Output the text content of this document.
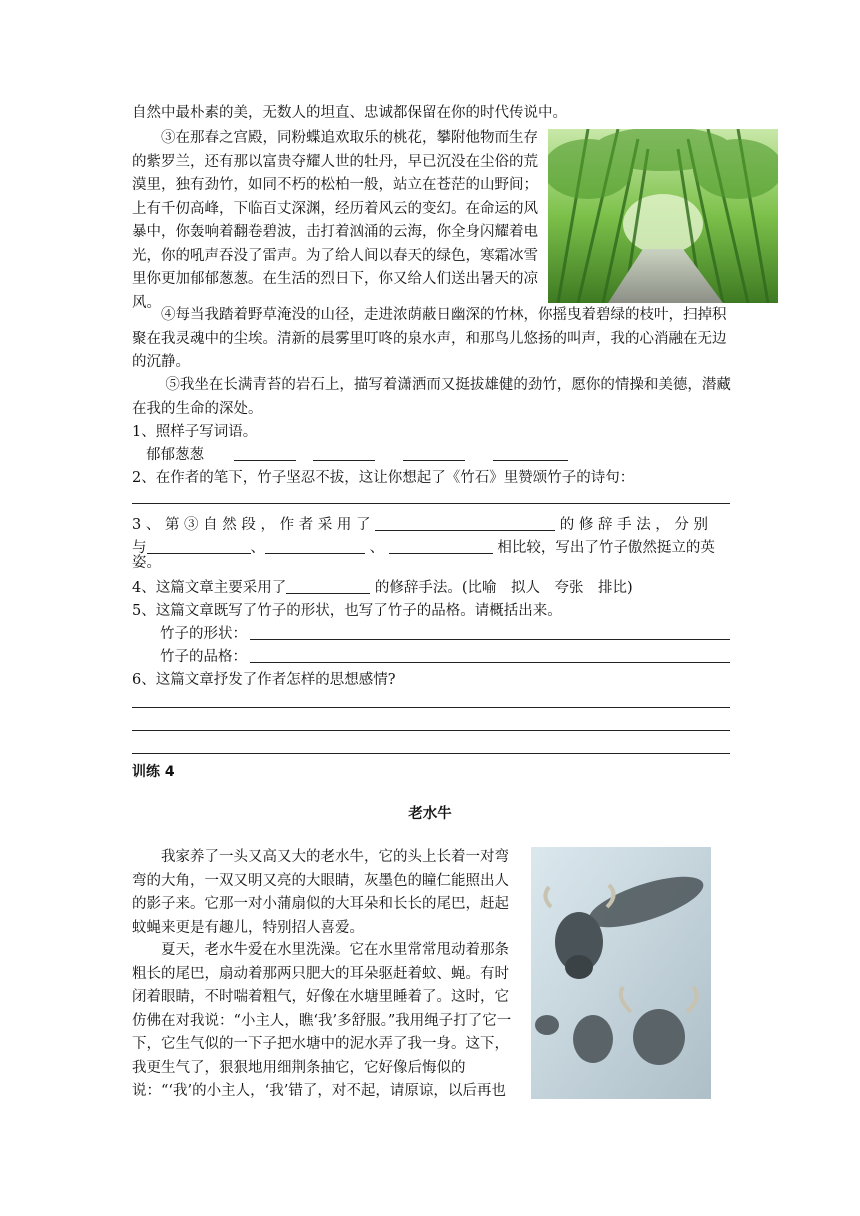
自然中最朴素的美，无数人的坦直、忠诚都保留在你的时代传说中。

③在那春之宫殿，同粉蝶追欢取乐的桃花，攀附他物而生存的紫罗兰，还有那以富贵夺耀人世的牡丹，早已沉没在尘俗的荒漠里，独有劲竹，如同不朽的松柏一般，站立在苍茫的山野间；上有千仞高峰，下临百丈深渊，经历着风云的变幻。在命运的风暴中，你轰响着翻卷碧波，击打着汹涌的云海，你全身闪耀着电光，你的吼声吞没了雷声。为了给人间以春天的绿色，寒霜冰雪里你更加郁郁葱葱。在生活的烈日下，你又给人们送出暑天的凉风。

④每当我踏着野草淹没的山径，走进浓荫蔽日幽深的竹林，你摇曳着碧绿的枝叶，扫掉积聚在我灵魂中的尘埃。清新的晨雾里叮咚的泉水声，和那鸟儿悠扬的叫声，我的心消融在无边的沉静。

⑤我坐在长满青苔的岩石上，描写着潇洒而又挺拔雄健的劲竹，愿你的情操和美德，潜藏在我的生命的深处。

1、照样子写词语。

郁郁葱葱

2、在作者的笔下，竹子坚忍不拔，这让你想起了《竹石》里赞颂竹子的诗句：

3 、 第 ③ 自 然 段 ， 作 者 采 用 了	的 修 辞 手 法 ， 分 别
与	、	、	相比较，写出了竹子傲然挺立的英

姿。

4、这篇文章主要采用了	的修辞手法。(比喻　拟人　夸张　排比)

5、这篇文章既写了竹子的形状，也写了竹子的品格。请概括出来。

竹子的形状：
竹子的品格：

6、这篇文章抒发了作者怎样的思想感情?

训练 4
老水牛
我家养了一头又高又大的老水牛，它的头上长着一对弯弯的大角，一双又明又亮的大眼睛，灰墨色的瞳仁能照出人的影子来。它那一对小蒲扇似的大耳朵和长长的尾巴，赶起蚊蝇来更是有趣儿，特别招人喜爱。
夏天，老水牛爱在水里洗澡。它在水里常常甩动着那条粗长的尾巴，扇动着那两只肥大的耳朵驱赶着蚊、蝇。有时闭着眼睛，不时喘着粗气，好像在水塘里睡着了。这时，它仿佛在对我说：“小主人，瞧‘我’多舒服。”我用绳子打了它一下，它生气似的一下子把水塘中的泥水弄了我一身。这下，我更生气了，狠狠地用细荆条抽它，它好像后悔似的说：“‘我’的小主人，‘我’错了，对不起，请原谅，以后再也
